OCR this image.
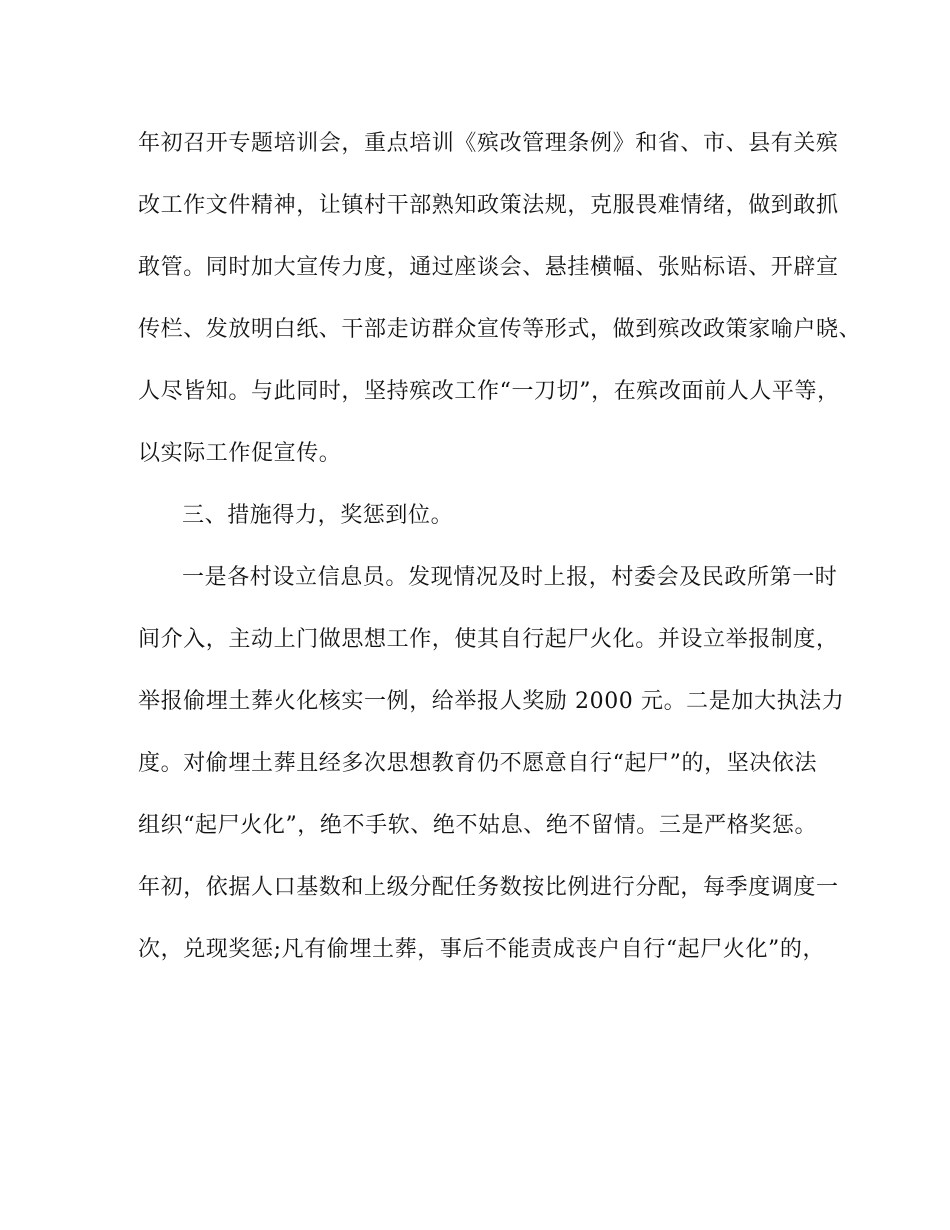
年初召开专题培训会，重点培训《殡改管理条例》和省、市、县有关殡
改工作文件精神，让镇村干部熟知政策法规，克服畏难情绪，做到敢抓
敢管。同时加大宣传力度，通过座谈会、悬挂横幅、张贴标语、开辟宣
传栏、发放明白纸、干部走访群众宣传等形式，做到殡改政策家喻户晓、
人尽皆知。与此同时，坚持殡改工作“一刀切”，在殡改面前人人平等，
以实际工作促宣传。
三、措施得力，奖惩到位。
一是各村设立信息员。发现情况及时上报，村委会及民政所第一时
间介入，主动上门做思想工作，使其自行起尸火化。并设立举报制度，
举报偷埋土葬火化核实一例，给举报人奖励 2000 元。二是加大执法力
度。对偷埋土葬且经多次思想教育仍不愿意自行“起尸”的，坚决依法
组织“起尸火化”，绝不手软、绝不姑息、绝不留情。三是严格奖惩。
年初，依据人口基数和上级分配任务数按比例进行分配，每季度调度一
次，兑现奖惩;凡有偷埋土葬，事后不能责成丧户自行“起尸火化”的，
